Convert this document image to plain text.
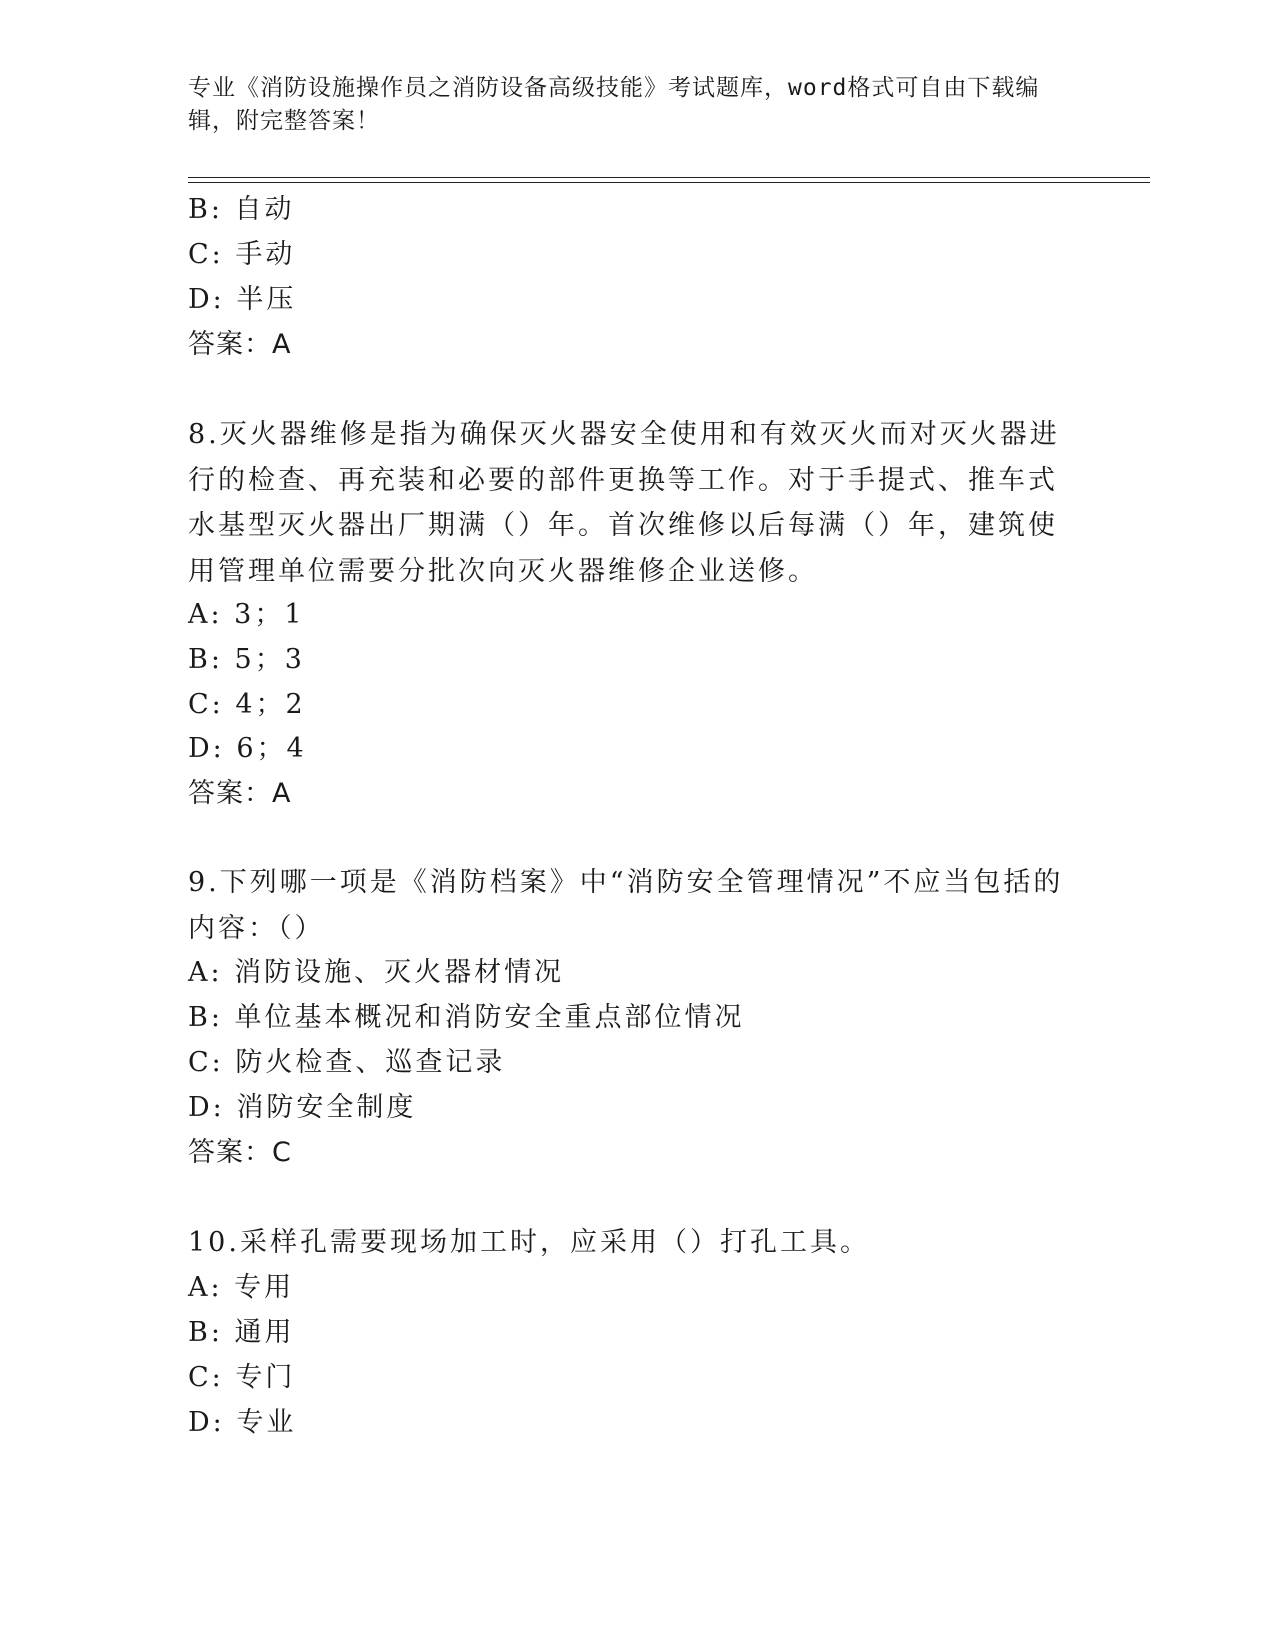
专业《消防设施操作员之消防设备高级技能》考试题库，word格式可自由下载编辑，附完整答案！
B: 自动
C: 手动
D: 半压
答案：A
8.灭火器维修是指为确保灭火器安全使用和有效灭火而对灭火器进行的检查、再充装和必要的部件更换等工作。对于手提式、推车式水基型灭火器出厂期满（）年。首次维修以后每满（）年，建筑使用管理单位需要分批次向灭火器维修企业送修。
A: 3；1
B: 5；3
C: 4；2
D: 6；4
答案：A
9.下列哪一项是《消防档案》中“消防安全管理情况”不应当包括的内容：（）
A: 消防设施、灭火器材情况
B: 单位基本概况和消防安全重点部位情况
C: 防火检查、巡查记录
D: 消防安全制度
答案：C
10.采样孔需要现场加工时，应采用（）打孔工具。
A: 专用
B: 通用
C: 专门
D: 专业
